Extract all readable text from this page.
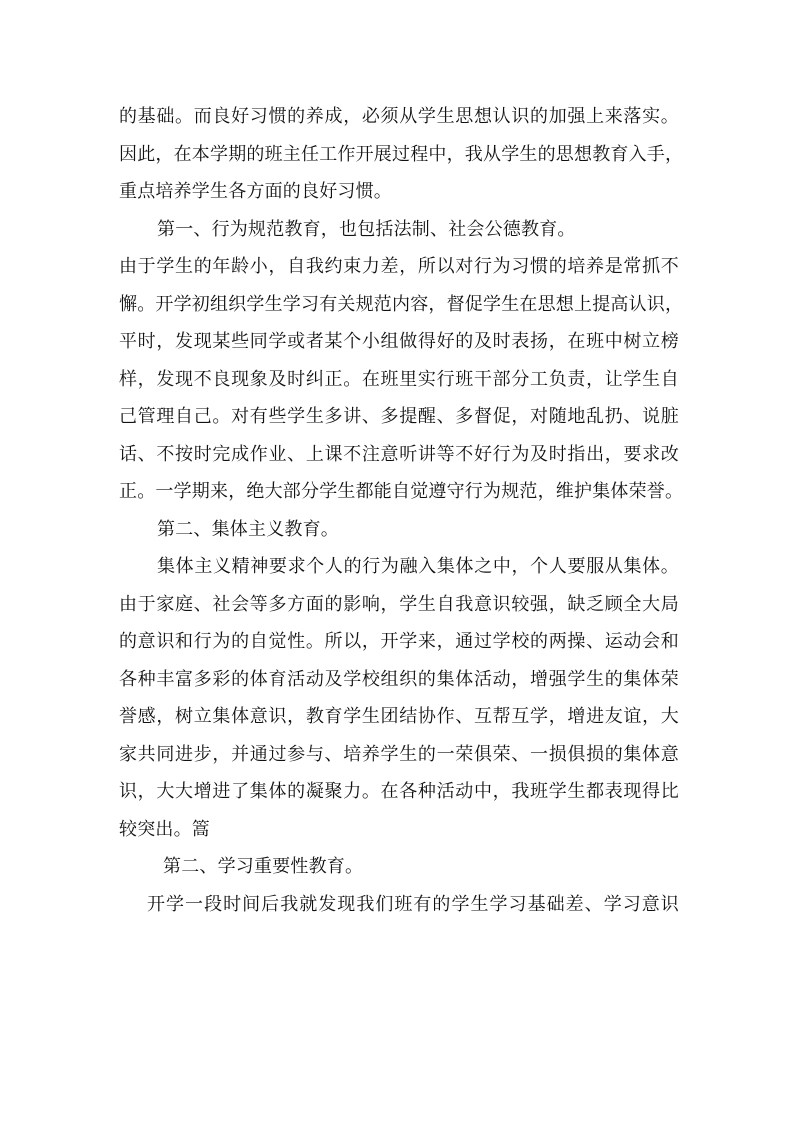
的基础。而良好习惯的养成，必须从学生思想认识的加强上来落实。
因此，在本学期的班主任工作开展过程中，我从学生的思想教育入手，
重点培养学生各方面的良好习惯。
第一、行为规范教育，也包括法制、社会公德教育。
由于学生的年龄小，自我约束力差，所以对行为习惯的培养是常抓不
懈。开学初组织学生学习有关规范内容，督促学生在思想上提高认识，
平时，发现某些同学或者某个小组做得好的及时表扬，在班中树立榜
样，发现不良现象及时纠正。在班里实行班干部分工负责，让学生自
己管理自己。对有些学生多讲、多提醒、多督促，对随地乱扔、说脏
话、不按时完成作业、上课不注意听讲等不好行为及时指出，要求改
正。一学期来，绝大部分学生都能自觉遵守行为规范，维护集体荣誉。
第二、集体主义教育。
集体主义精神要求个人的行为融入集体之中，个人要服从集体。
由于家庭、社会等多方面的影响，学生自我意识较强，缺乏顾全大局
的意识和行为的自觉性。所以，开学来，通过学校的两操、运动会和
各种丰富多彩的体育活动及学校组织的集体活动，增强学生的集体荣
誉感，树立集体意识，教育学生团结协作、互帮互学，增进友谊，大
家共同进步，并通过参与、培养学生的一荣俱荣、一损俱损的集体意
识，大大增进了集体的凝聚力。在各种活动中，我班学生都表现得比
较突出。篙
第二、学习重要性教育。
开学一段时间后我就发现我们班有的学生学习基础差、学习意识
